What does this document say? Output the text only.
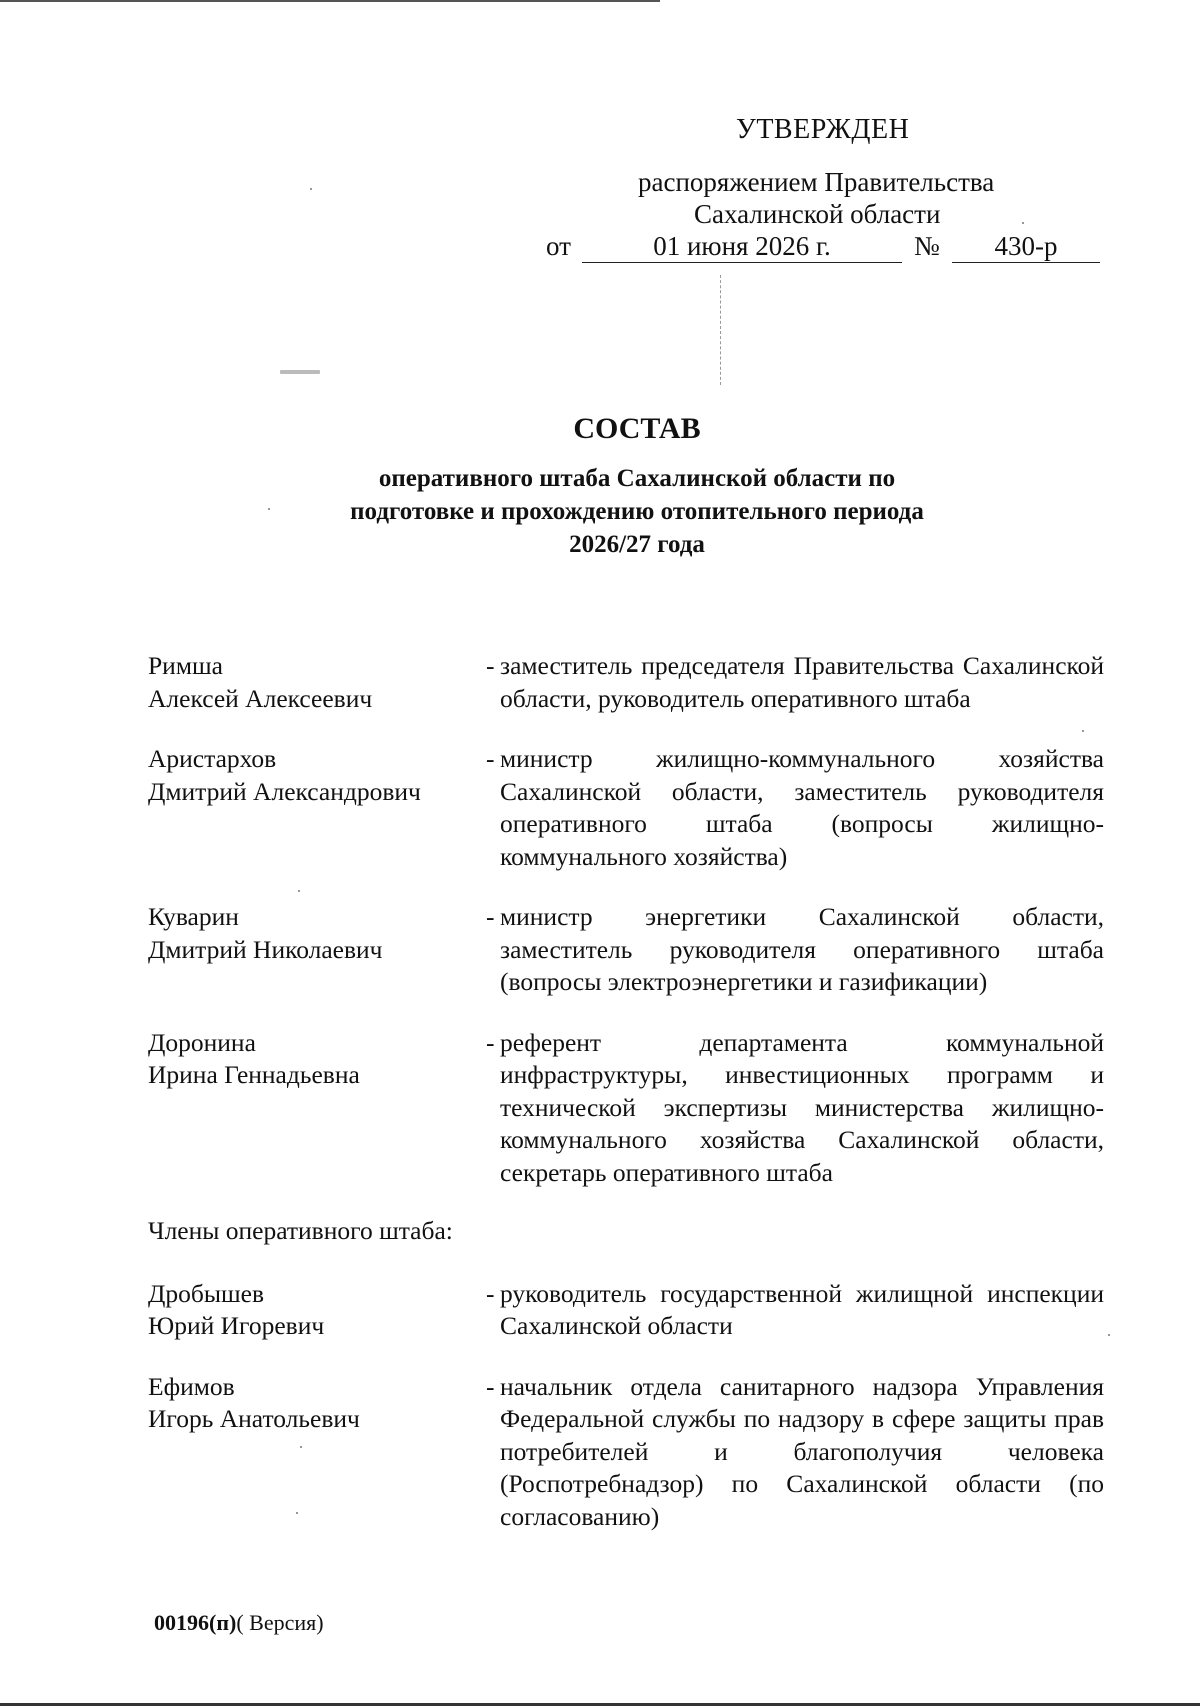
УТВЕРЖДЕН
распоряжением Правительства
Сахалинской области
от	01 июня 2026 г.	№	430-р
СОСТАВ
оперативного штаба Сахалинской области по
подготовке и прохождению отопительного периода
2026/27 года
Римша
Алексей Алексеевич
- заместитель председателя Правительства Сахалинской области, руководитель оперативного штаба
Аристархов
Дмитрий Александрович
- министр жилищно-коммунального хозяйства Сахалинской области, заместитель руководителя оперативного штаба (вопросы жилищно-коммунального хозяйства)
Куварин
Дмитрий Николаевич
- министр энергетики Сахалинской области, заместитель руководителя оперативного штаба (вопросы электроэнергетики и газификации)
Доронина
Ирина Геннадьевна
- референт департамента коммунальной инфраструктуры, инвестиционных программ и технической экспертизы министерства жилищно-коммунального хозяйства Сахалинской области, секретарь оперативного штаба
Члены оперативного штаба:
Дробышев
Юрий Игоревич
- руководитель государственной жилищной инспекции Сахалинской области
Ефимов
Игорь Анатольевич
- начальник отдела санитарного надзора Управления Федеральной службы по надзору в сфере защиты прав потребителей и благополучия человека (Роспотребнадзор) по Сахалинской области (по согласованию)
00196(п)( Версия)
